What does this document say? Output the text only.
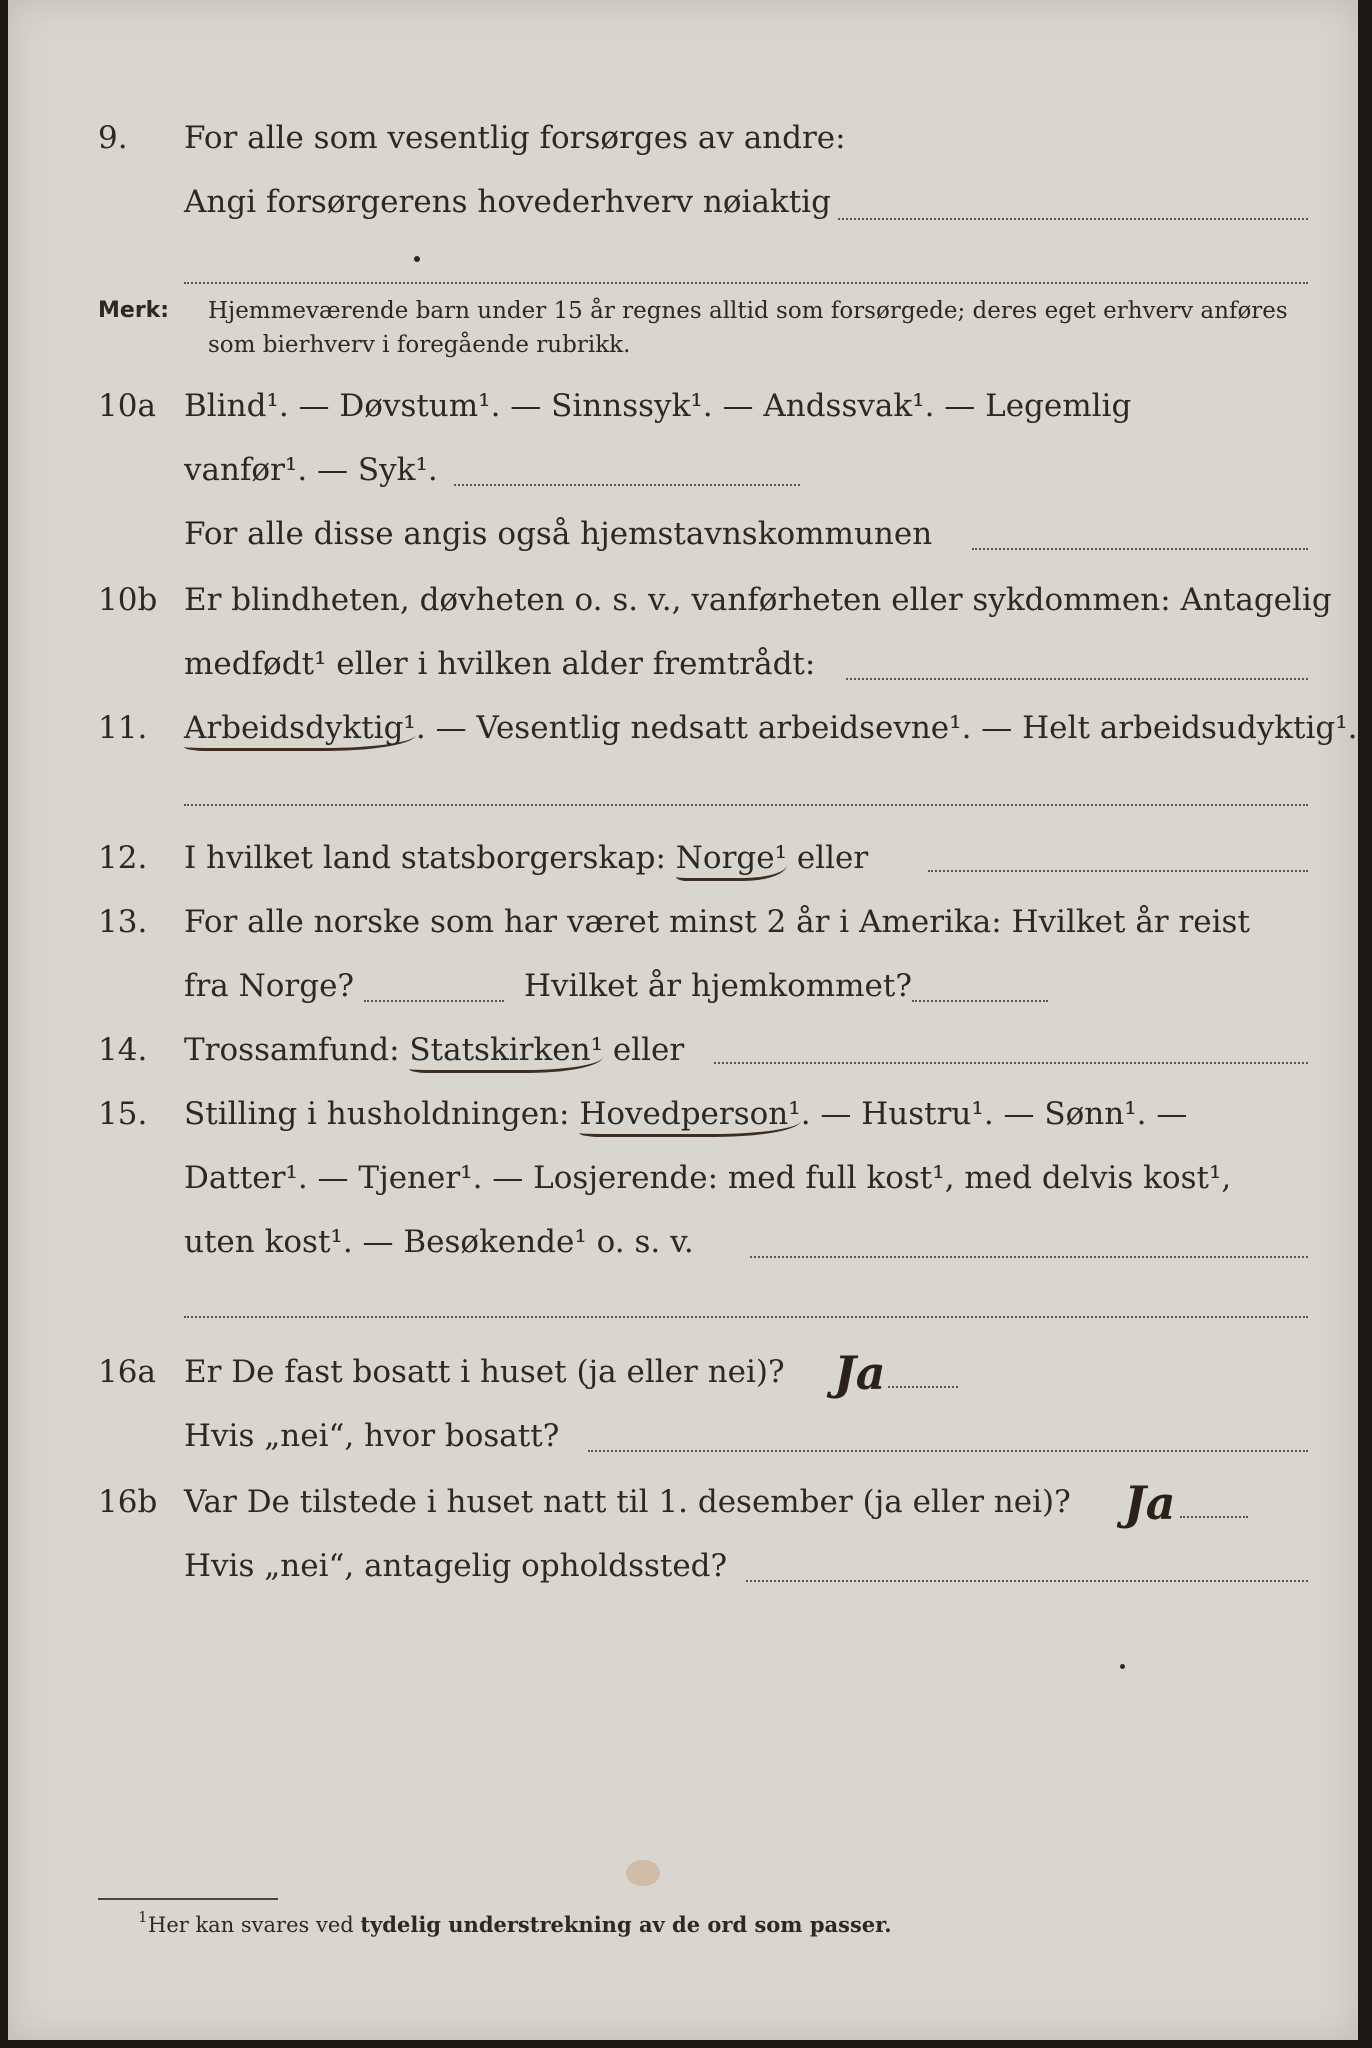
9.	For alle som vesentlig forsørges av andre:
Angi forsørgerens hovederhverv nøiaktig
Merk: Hjemmeværende barn under 15 år regnes alltid som forsørgede; deres eget erhverv anføres som bierhverv i foregående rubrikk.
10a Blind¹. — Døvstum¹. — Sinnssyk¹. — Andssvak¹. — Legemlig
vanfør¹. — Syk¹.
For alle disse angis også hjemstavnskommunen
10b Er blindheten, døvheten o. s. v., vanførheten eller sykdommen: Antagelig
medfødt¹ eller i hvilken alder fremtrådt:
11.	Arbeidsdyktig¹. — Vesentlig nedsatt arbeidsevne¹. — Helt arbeidsudyktig¹.
12.	I hvilket land statsborgerskap: Norge¹ eller
13.	For alle norske som har været minst 2 år i Amerika: Hvilket år reist
fra Norge?	Hvilket år hjemkommet?
14.	Trossamfund: Statskirken¹ eller
15.	Stilling i husholdningen: Hovedperson¹. — Hustru¹. — Sønn¹. —
Datter¹. — Tjener¹. — Losjerende: med full kost¹, med delvis kost¹,
uten kost¹. — Besøkende¹ o. s. v.
16a Er De fast bosatt i huset (ja eller nei)? Ja
Hvis „nei“, hvor bosatt?
16b Var De tilstede i huset natt til 1. desember (ja eller nei)? Ja
Hvis „nei“, antagelig opholdssted?
1 Her kan svares ved tydelig understrekning av de ord som passer.
